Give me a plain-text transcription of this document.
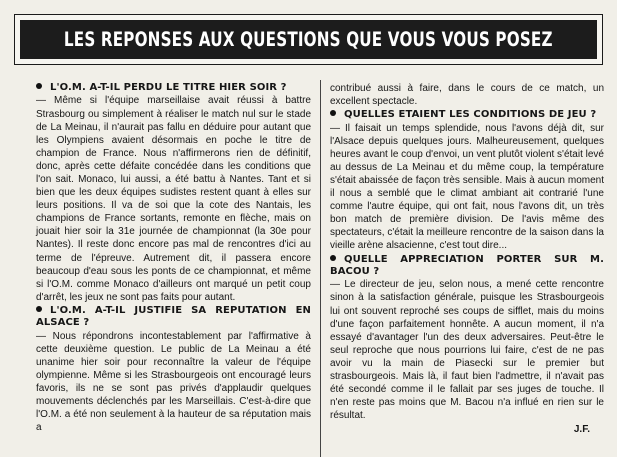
LES REPONSES AUX QUESTIONS QUE VOUS VOUS POSEZ

L'O.M. A-T-IL PERDU LE TITRE HIER SOIR ?

— Même si l'équipe marseillaise avait réussi à battre Strasbourg ou simplement à réaliser le match nul sur le stade de La Meinau, il n'aurait pas fallu en déduire pour autant que les Olympiens avaient désormais en poche le titre de champion de France. Nous n'affirmerons rien de définitif, donc, après cette défaite concédée dans les conditions que l'on sait. Monaco, lui aussi, a été battu à Nantes. Tant et si bien que les deux équipes sudistes restent quant à elles sur leurs positions. Il va de soi que la cote des Nantais, les champions de France sortants, remonte en flèche, mais on jouait hier soir la 31e journée de championnat (la 30e pour Nantes). Il reste donc encore pas mal de rencontres d'ici au terme de l'épreuve. Autrement dit, il passera encore beaucoup d'eau sous les ponts de ce championnat, et même si l'O.M. comme Monaco d'ailleurs ont marqué un petit coup d'arrêt, les jeux ne sont pas faits pour autant.

L'O.M. A-T-IL JUSTIFIE SA REPUTATION EN ALSACE ?

— Nous répondrons incontestablement par l'affirmative à cette deuxième question. Le public de La Meinau a été unanime hier soir pour reconnaître la valeur de l'équipe olympienne. Même si les Strasbourgeois ont encouragé leurs favoris, ils ne se sont pas privés d'applaudir quelques mouvements déclenchés par les Marseillais. C'est-à-dire que l'O.M. a été non seulement à la hauteur de sa réputation mais a

contribué aussi à faire, dans le cours de ce match, un excellent spectacle.

QUELLES ETAIENT LES CONDITIONS DE JEU ?

— Il faisait un temps splendide, nous l'avons déjà dit, sur l'Alsace depuis quelques jours. Malheureusement, quelques heures avant le coup d'envoi, un vent plutôt violent s'était levé au dessus de La Meinau et du même coup, la température s'était abaissée de façon très sensible. Mais à aucun moment il nous a semblé que le climat ambiant ait contrarié l'une comme l'autre équipe, qui ont fait, nous l'avons dit, un très bon match de première division. De l'avis même des spectateurs, c'était la meilleure rencontre de la saison dans la vieille arène alsacienne, c'est tout dire...

QUELLE APPRECIATION PORTER SUR M. BACOU ?

— Le directeur de jeu, selon nous, a mené cette rencontre sinon à la satisfaction générale, puisque les Strasbourgeois lui ont souvent reproché ses coups de sifflet, mais du moins d'une façon parfaitement honnête. A aucun moment, il n'a essayé d'avantager l'un des deux adversaires. Peut-être le seul reproche que nous pourrions lui faire, c'est de ne pas avoir vu la main de Piasecki sur le premier but strasbourgeois. Mais là, il faut bien l'admettre, il n'avait pas été secondé comme il le fallait par ses juges de touche. Il n'en reste pas moins que M. Bacou n'a influé en rien sur le résultat.

J.F.
